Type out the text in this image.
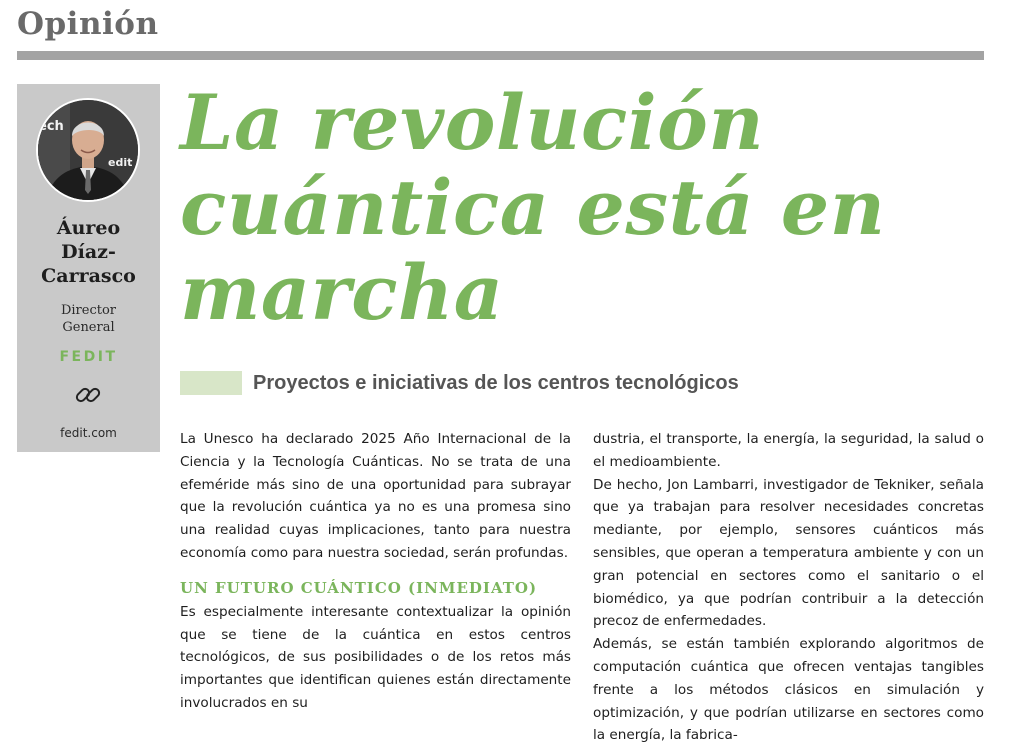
Opinión
ech
edit
Áureo
Díaz-
Carrasco
Director
General
FEDIT
fedit.com
La revolución
cuántica está en
marcha
Proyectos e iniciativas de los centros tecnológicos

La Unesco ha declarado 2025 Año Internacional de la Ciencia y la Tecnología Cuánticas. No se trata de una efeméride más sino de una oportunidad para subrayar que la revolución cuántica ya no es una promesa sino una realidad cuyas implicaciones, tanto para nuestra economía como para nuestra sociedad, serán profundas.

UN FUTURO CUÁNTICO (INMEDIATO)

Es especialmente interesante contextualizar la opinión que se tiene de la cuántica en estos centros tecnológicos, de sus posibilidades o de los retos más importantes que identifican quienes están directamente involucrados en su

dustria, el transporte, la energía, la seguridad, la salud o el medioambiente.

De hecho, Jon Lambarri, investigador de Tekniker, señala que ya trabajan para resolver necesidades concretas mediante, por ejemplo, sensores cuánticos más sensibles, que operan a temperatura ambiente y con un gran potencial en sectores como el sanitario o el biomédico, ya que podrían contribuir a la detección precoz de enfermedades.

Además, se están también explorando algoritmos de computación cuántica que ofrecen ventajas tangibles frente a los métodos clásicos en simulación y optimización, y que podrían utilizarse en sectores como la energía, la fabrica-
